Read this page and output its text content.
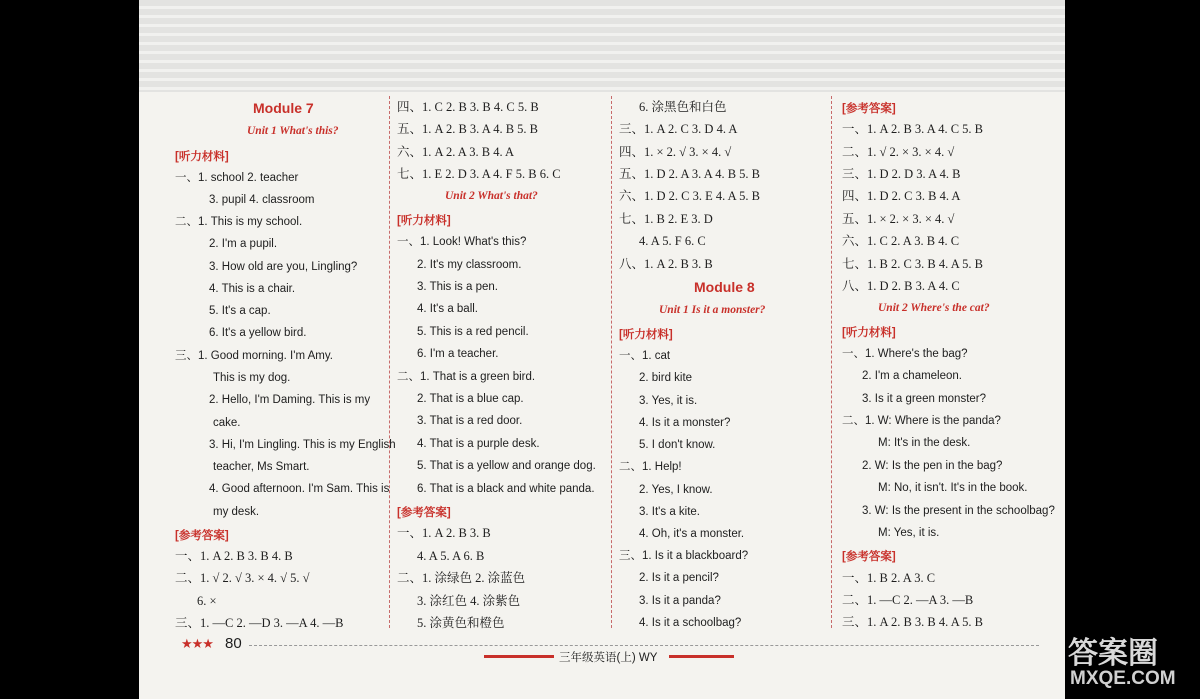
Module 7
Unit 1 What's this?
[听力材料]
一、1. school 2. teacher
3. pupil 4. classroom
二、1. This is my school.
2. I'm a pupil.
3. How old are you, Lingling?
4. This is a chair.
5. It's a cap.
6. It's a yellow bird.
三、1. Good morning. I'm Amy.
This is my dog.
2. Hello, I'm Daming. This is my
cake.
3. Hi, I'm Lingling. This is my English
teacher, Ms Smart.
4. Good afternoon. I'm Sam. This is
my desk.
[参考答案]
一、1. A 2. B 3. B 4. B
二、1. √ 2. √ 3. × 4. √ 5. √
6. ×
三、1. —C 2. —D 3. —A 4. —B
四、1. C 2. B 3. B 4. C 5. B
五、1. A 2. B 3. A 4. B 5. B
六、1. A 2. A 3. B 4. A
七、1. E 2. D 3. A 4. F 5. B 6. C
Unit 2 What's that?
[听力材料]
一、1. Look! What's this?
2. It's my classroom.
3. This is a pen.
4. It's a ball.
5. This is a red pencil.
6. I'm a teacher.
二、1. That is a green bird.
2. That is a blue cap.
3. That is a red door.
4. That is a purple desk.
5. That is a yellow and orange dog.
6. That is a black and white panda.
[参考答案]
一、1. A 2. B 3. B
4. A 5. A 6. B
二、1. 涂绿色 2. 涂蓝色
3. 涂红色 4. 涂紫色
5. 涂黄色和橙色
6. 涂黑色和白色
三、1. A 2. C 3. D 4. A
四、1. × 2. √ 3. × 4. √
五、1. D 2. A 3. A 4. B 5. B
六、1. D 2. C 3. E 4. A 5. B
七、1. B 2. E 3. D
4. A 5. F 6. C
八、1. A 2. B 3. B
Module 8
Unit 1 Is it a monster?
[听力材料]
一、1. cat
2. bird kite
3. Yes, it is.
4. Is it a monster?
5. I don't know.
二、1. Help!
2. Yes, I know.
3. It's a kite.
4. Oh, it's a monster.
三、1. Is it a blackboard?
2. Is it a pencil?
3. Is it a panda?
4. Is it a schoolbag?
[参考答案]
一、1. A 2. B 3. A 4. C 5. B
二、1. √ 2. × 3. × 4. √
三、1. D 2. D 3. A 4. B
四、1. D 2. C 3. B 4. A
五、1. × 2. × 3. × 4. √
六、1. C 2. A 3. B 4. C
七、1. B 2. C 3. B 4. A 5. B
八、1. D 2. B 3. A 4. C
Unit 2 Where's the cat?
[听力材料]
一、1. Where's the bag?
2. I'm a chameleon.
3. Is it a green monster?
二、1. W: Where is the panda?
M: It's in the desk.
2. W: Is the pen in the bag?
M: No, it isn't. It's in the book.
3. W: Is the present in the schoolbag?
M: Yes, it is.
[参考答案]
一、1. B 2. A 3. C
二、1. —C 2. —A 3. —B
三、1. A 2. B 3. B 4. A 5. B
★★★ 80
三年级英语(上) WY	答案圈
MXQE.COM
